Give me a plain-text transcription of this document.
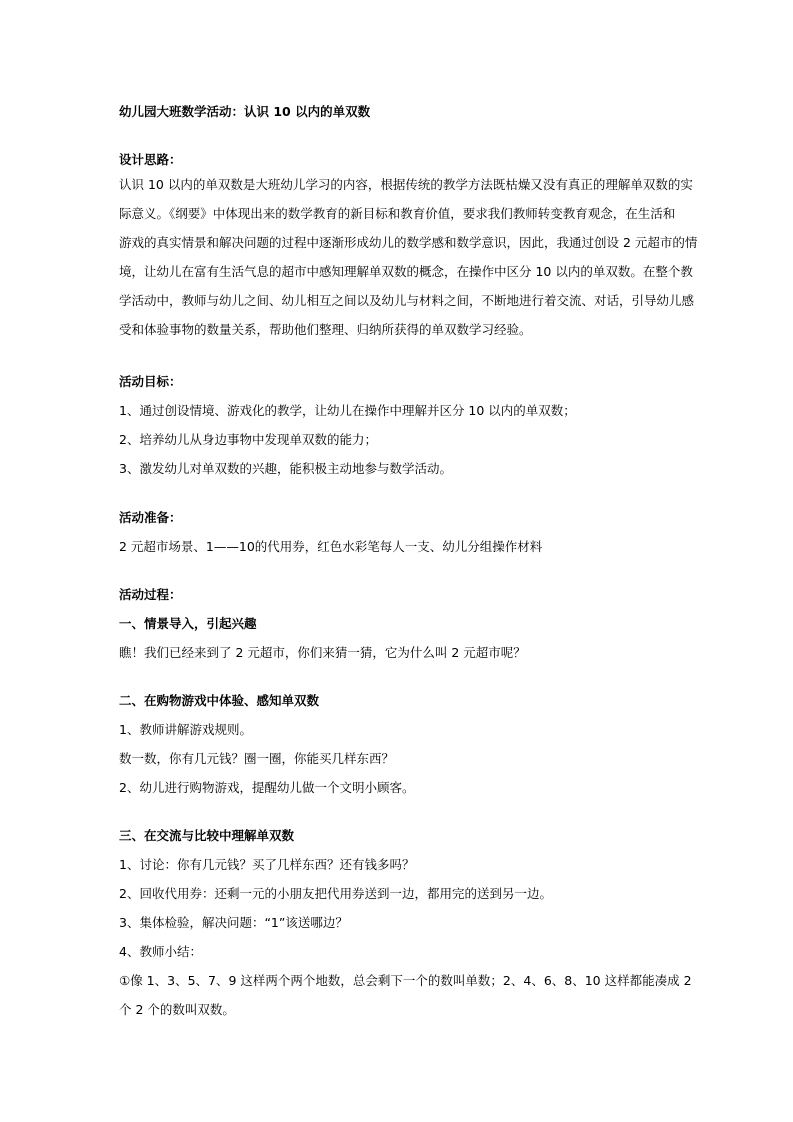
幼儿园大班数学活动：认识 10 以内的单双数

设计思路：

认识 10 以内的单双数是大班幼儿学习的内容，根据传统的教学方法既枯燥又没有真正的理解单双数的实

际意义。《纲要》中体现出来的数学教育的新目标和教育价值，要求我们教师转变教育观念，在生活和

游戏的真实情景和解决问题的过程中逐渐形成幼儿的数学感和数学意识，因此，我通过创设 2 元超市的情

境，让幼儿在富有生活气息的超市中感知理解单双数的概念，在操作中区分 10 以内的单双数。在整个教

学活动中，教师与幼儿之间、幼儿相互之间以及幼儿与材料之间，不断地进行着交流、对话，引导幼儿感

受和体验事物的数量关系，帮助他们整理、归纳所获得的单双数学习经验。

活动目标：

1、通过创设情境、游戏化的教学，让幼儿在操作中理解并区分 10 以内的单双数；

2、培养幼儿从身边事物中发现单双数的能力；

3、激发幼儿对单双数的兴趣，能积极主动地参与数学活动。

活动准备：

2 元超市场景、1——10的代用券，红色水彩笔每人一支、幼儿分组操作材料

活动过程：

一、情景导入，引起兴趣

瞧！我们已经来到了 2 元超市，你们来猜一猜，它为什么叫 2 元超市呢？

二、在购物游戏中体验、感知单双数

1、教师讲解游戏规则。

数一数，你有几元钱？圈一圈，你能买几样东西？

2、幼儿进行购物游戏，提醒幼儿做一个文明小顾客。

三、在交流与比较中理解单双数

1、讨论：你有几元钱？买了几样东西？还有钱多吗？

2、回收代用券：还剩一元的小朋友把代用券送到一边，都用完的送到另一边。

3、集体检验，解决问题：“1”该送哪边？

4、教师小结：

①像 1、3、5、7、9 这样两个两个地数，总会剩下一个的数叫单数；2、4、6、8、10 这样都能凑成 2

个 2 个的数叫双数。
